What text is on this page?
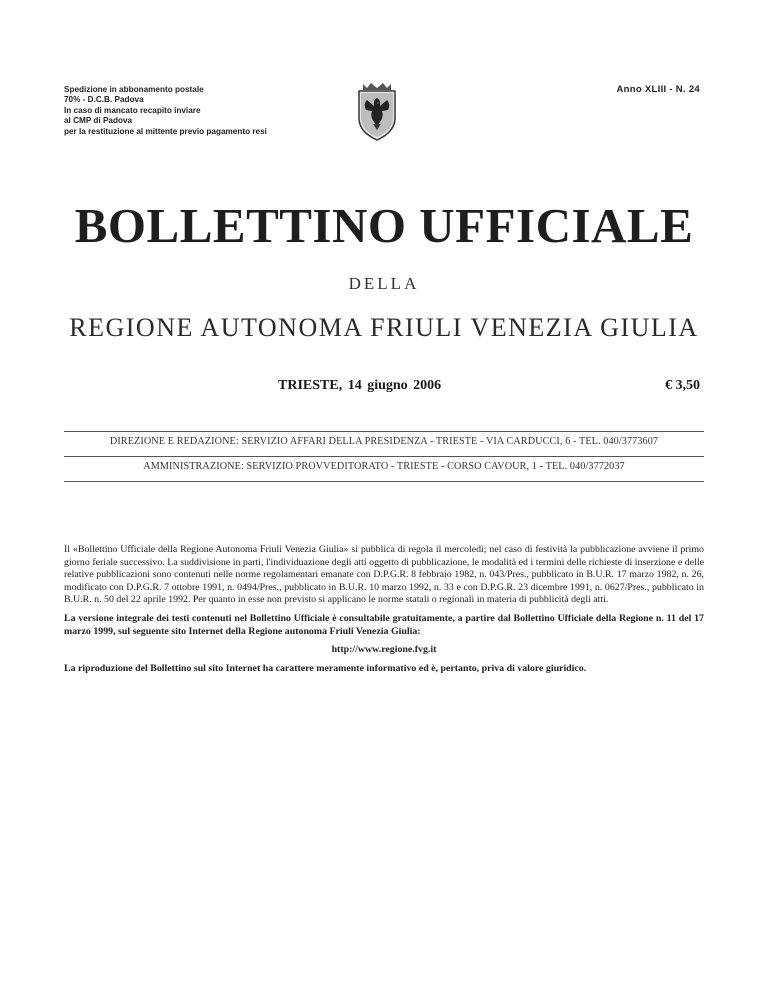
Spedizione in abbonamento postale
70% - D.C.B. Padova
In caso di mancato recapito inviare
al CMP di Padova
per la restituzione al mittente previo pagamento resi
Anno XLIII - N. 24
BOLLETTINO UFFICIALE
DELLA
REGIONE AUTONOMA FRIULI VENEZIA GIULIA
TRIESTE, 14 giugno 2006	€ 3,50
DIREZIONE E REDAZIONE: SERVIZIO AFFARI DELLA PRESIDENZA - TRIESTE - VIA CARDUCCI, 6 - TEL. 040/3773607
AMMINISTRAZIONE: SERVIZIO PROVVEDITORATO - TRIESTE - CORSO CAVOUR, 1 - TEL. 040/3772037

Il «Bollettino Ufficiale della Regione Autonoma Friuli Venezia Giulia» si pubblica di regola il mercoledì; nel caso di festività la pubblicazione avviene il primo giorno feriale successivo. La suddivisione in parti, l'individuazione degli atti oggetto di pubblicazione, le modalità ed i termini delle richieste di inserzione e delle relative pubblicazioni sono contenuti nelle norme regolamentari emanate con D.P.G.R. 8 febbraio 1982, n. 043/Pres., pubblicato in B.U.R. 17 marzo 1982, n. 26, modificato con D.P.G.R. 7 ottobre 1991, n. 0494/Pres., pubblicato in B.U.R. 10 marzo 1992, n. 33 e con D.P.G.R. 23 dicembre 1991, n. 0627/Pres., pubblicato in B.U.R. n. 50 del 22 aprile 1992. Per quanto in esse non previsto si applicano le norme statali o regionali in materia di pubblicità degli atti.

La versione integrale dei testi contenuti nel Bollettino Ufficiale è consultabile gratuitamente, a partire dal Bollettino Ufficiale della Regione n. 11 del 17 marzo 1999, sul seguente sito Internet della Regione autonoma Friuli Venezia Giulia:

http://www.regione.fvg.it

La riproduzione del Bollettino sul sito Internet ha carattere meramente informativo ed è, pertanto, priva di valore giuridico.
